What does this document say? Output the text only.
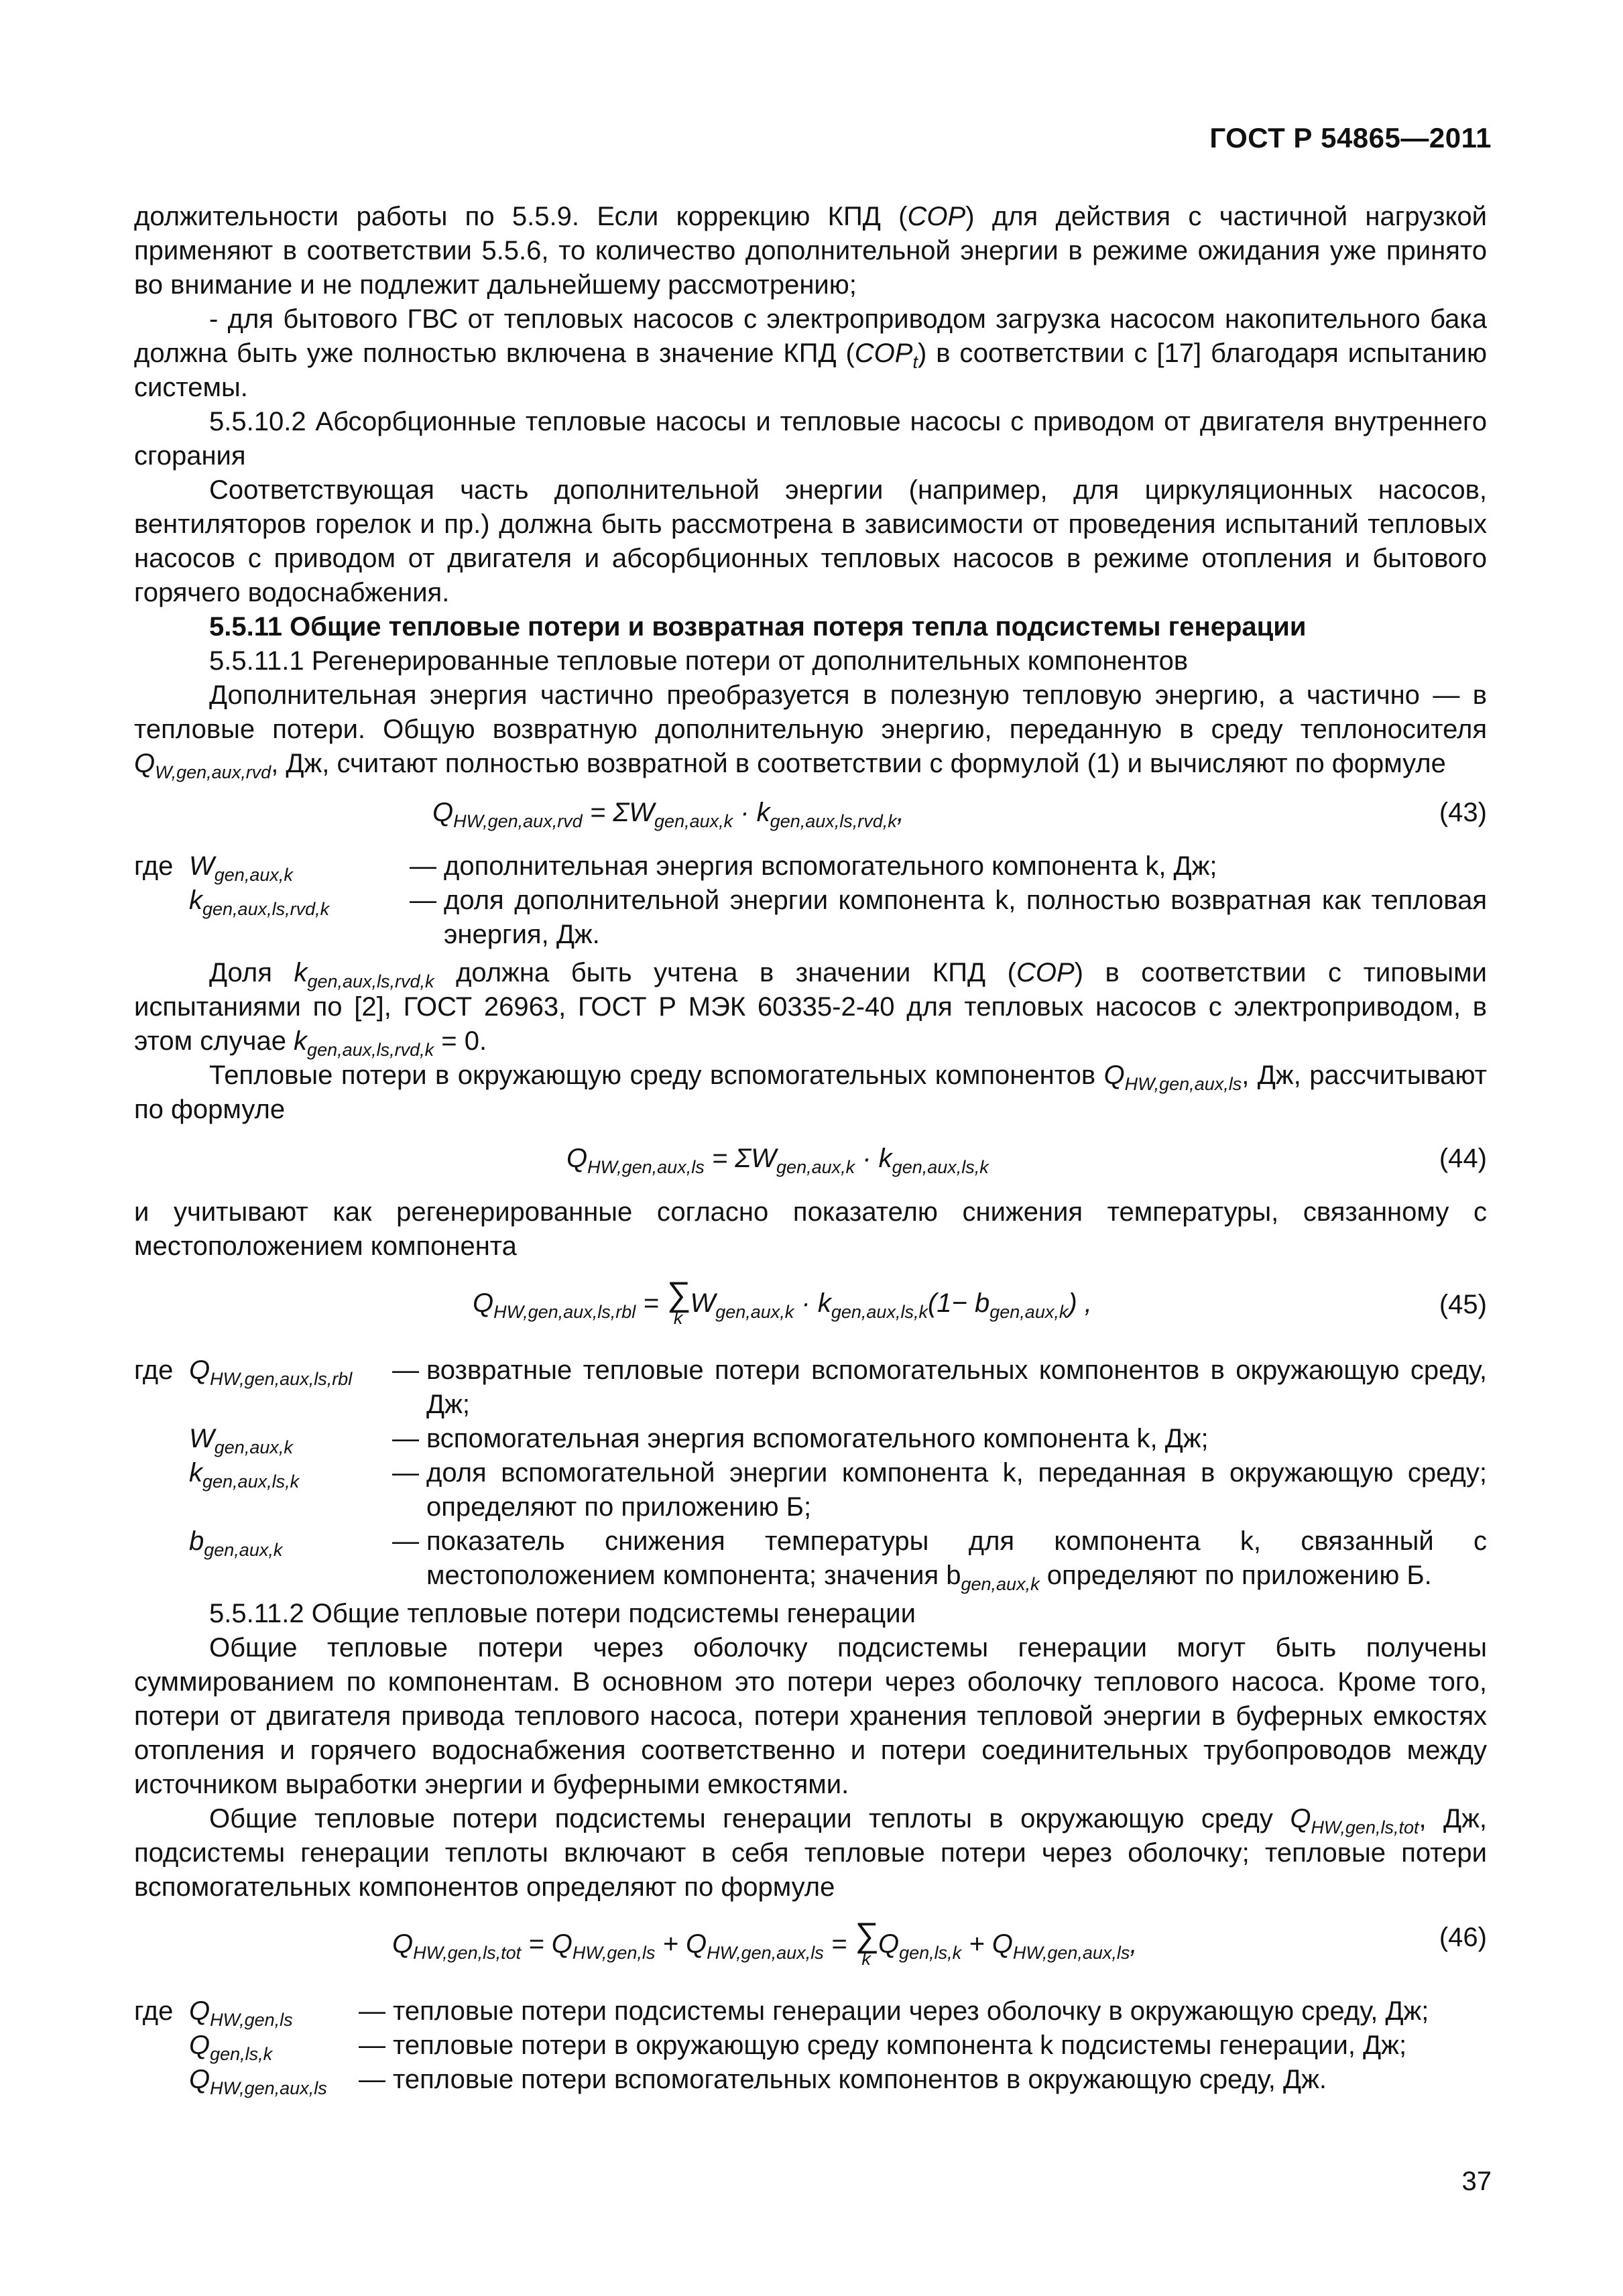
ГОСТ Р 54865—2011

должительности работы по 5.5.9. Если коррекцию КПД (COP) для действия с частичной нагрузкой применяют в соответствии 5.5.6, то количество дополнительной энергии в режиме ожидания уже принято во внимание и не подлежит дальнейшему рассмотрению;

- для бытового ГВС от тепловых насосов с электроприводом загрузка насосом накопительного бака должна быть уже полностью включена в значение КПД $(COP_t)$ в соответствии с [17] благодаря испытанию системы.

5.5.10.2 Абсорбционные тепловые насосы и тепловые насосы с приводом от двигателя внутреннего сгорания

Соответствующая часть дополнительной энергии (например, для циркуляционных насосов, вентиляторов горелок и пр.) должна быть рассмотрена в зависимости от проведения испытаний тепловых насосов с приводом от двигателя и абсорбционных тепловых насосов в режиме отопления и бытового горячего водоснабжения.

5.5.11 Общие тепловые потери и возвратная потеря тепла подсистемы генерации

5.5.11.1 Регенерированные тепловые потери от дополнительных компонентов

Дополнительная энергия частично преобразуется в полезную тепловую энергию, а частично — в тепловые потери. Общую возвратную дополнительную энергию, переданную в среду теплоносителя $Q_{W,gen,aux,rvd}$, Дж, считают полностью возвратной в соответствии с формулой (1) и вычисляют по формуле

$Q_{HW,gen,aux,rvd} = \Sigma W_{gen,aux,k} \cdot k_{gen,aux,ls,rvd,k}$,	(43)
где $W_{gen,aux,k}$	— дополнительная энергия вспомогательного компонента k, Дж;
$k_{gen,aux,ls,rvd,k}$	— доля дополнительной энергии компонента k, полностью возвратная как тепловая энергия, Дж.

Доля $k_{gen,aux,ls,rvd,k}$ должна быть учтена в значении КПД (COP) в соответствии с типовыми испытаниями по [2], ГОСТ 26963, ГОСТ Р МЭК 60335-2-40 для тепловых насосов с электроприводом, в этом случае $k_{gen,aux,ls,rvd,k} = 0$.

Тепловые потери в окружающую среду вспомогательных компонентов $Q_{HW,gen,aux,ls}$, Дж, рассчитывают по формуле

$Q_{HW,gen,aux,ls} = \Sigma W_{gen,aux,k} \cdot k_{gen,aux,ls,k}$	(44)

и учитывают как регенерированные согласно показателю снижения температуры, связанному с местоположением компонента

$Q_{HW,gen,aux,ls,rbl}$ = ∑
k $W_{gen,aux,k} \cdot k_{gen,aux,ls,k}(1- b_{gen,aux,k})$ ,	(45)
где $Q_{HW,gen,aux,ls,rbl}$	— возвратные тепловые потери вспомогательных компонентов в окружающую среду, Дж;
$W_{gen,aux,k}$	— вспомогательная энергия вспомогательного компонента k, Дж;
$k_{gen,aux,ls,k}$	— доля вспомогательной энергии компонента k, переданная в окружающую среду; определяют по приложению Б;
$b_{gen,aux,k}$	— показатель снижения температуры для компонента k, связанный с местоположением компонента; значения $b_{gen,aux,k}$ определяют по приложению Б.

5.5.11.2 Общие тепловые потери подсистемы генерации

Общие тепловые потери через оболочку подсистемы генерации могут быть получены суммированием по компонентам. В основном это потери через оболочку теплового насоса. Кроме того, потери от двигателя привода теплового насоса, потери хранения тепловой энергии в буферных емкостях отопления и горячего водоснабжения соответственно и потери соединительных трубопроводов между источником выработки энергии и буферными емкостями.

Общие тепловые потери подсистемы генерации теплоты в окружающую среду $Q_{HW,gen,ls,tot}$, Дж, подсистемы генерации теплоты включают в себя тепловые потери через оболочку; тепловые потери вспомогательных компонентов определяют по формуле

$Q_{HW,gen,ls,tot} = Q_{HW,gen,ls} + Q_{HW,gen,aux,ls}$ = ∑
k $Q_{gen,ls,k} + Q_{HW,gen,aux,ls}$,	(46)
где $Q_{HW,gen,ls}$	— тепловые потери подсистемы генерации через оболочку в окружающую среду, Дж;
$Q_{gen,ls,k}$	— тепловые потери в окружающую среду компонента k подсистемы генерации, Дж;
$Q_{HW,gen,aux,ls}$	— тепловые потери вспомогательных компонентов в окружающую среду, Дж.
37
